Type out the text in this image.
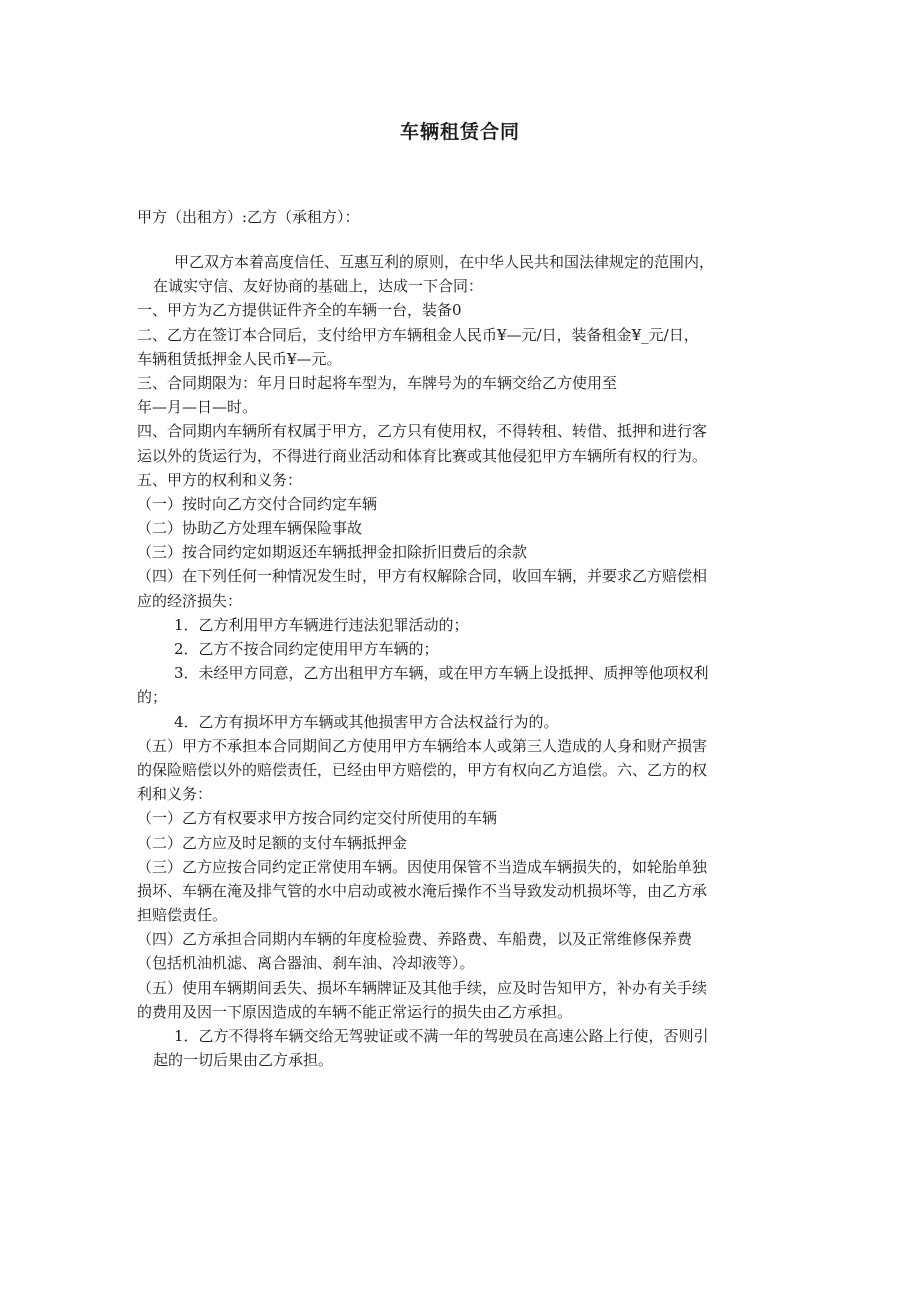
车辆租赁合同

甲方（出租方）:乙方（承租方）：

甲乙双方本着高度信任、互惠互利的原则，在中华人民共和国法律规定的范围内，

在诚实守信、友好协商的基础上，达成一下合同：

一、甲方为乙方提供证件齐全的车辆一台，装备0

二、乙方在签订本合同后，支付给甲方车辆租金人民币¥—元/日，装备租金¥_元/日，

车辆租赁抵押金人民币¥—元。

三、合同期限为：年月日时起将车型为，车牌号为的车辆交给乙方使用至

年—月—日—时。

四、合同期内车辆所有权属于甲方，乙方只有使用权，不得转租、转借、抵押和进行客

运以外的货运行为，不得进行商业活动和体育比赛或其他侵犯甲方车辆所有权的行为。

五、甲方的权利和义务：

（一）按时向乙方交付合同约定车辆

（二）协助乙方处理车辆保险事故

（三）按合同约定如期返还车辆抵押金扣除折旧费后的余款

（四）在下列任何一种情况发生时，甲方有权解除合同，收回车辆，并要求乙方赔偿相

应的经济损失：

1．乙方利用甲方车辆进行违法犯罪活动的；

2．乙方不按合同约定使用甲方车辆的；

3．未经甲方同意，乙方出租甲方车辆，或在甲方车辆上设抵押、质押等他项权利

的；

4．乙方有损坏甲方车辆或其他损害甲方合法权益行为的。

（五）甲方不承担本合同期间乙方使用甲方车辆给本人或第三人造成的人身和财产损害

的保险赔偿以外的赔偿责任，已经由甲方赔偿的，甲方有权向乙方追偿。六、乙方的权

利和义务：

（一）乙方有权要求甲方按合同约定交付所使用的车辆

（二）乙方应及时足额的支付车辆抵押金

（三）乙方应按合同约定正常使用车辆。因使用保管不当造成车辆损失的，如轮胎单独

损坏、车辆在淹及排气管的水中启动或被水淹后操作不当导致发动机损坏等，由乙方承

担赔偿责任。

（四）乙方承担合同期内车辆的年度检验费、养路费、车船费，以及正常维修保养费

（包括机油机滤、离合器油、刹车油、冷却液等）。

（五）使用车辆期间丢失、损坏车辆牌证及其他手续，应及时告知甲方，补办有关手续

的费用及因一下原因造成的车辆不能正常运行的损失由乙方承担。

1．乙方不得将车辆交给无驾驶证或不满一年的驾驶员在高速公路上行使，否则引

起的一切后果由乙方承担。
